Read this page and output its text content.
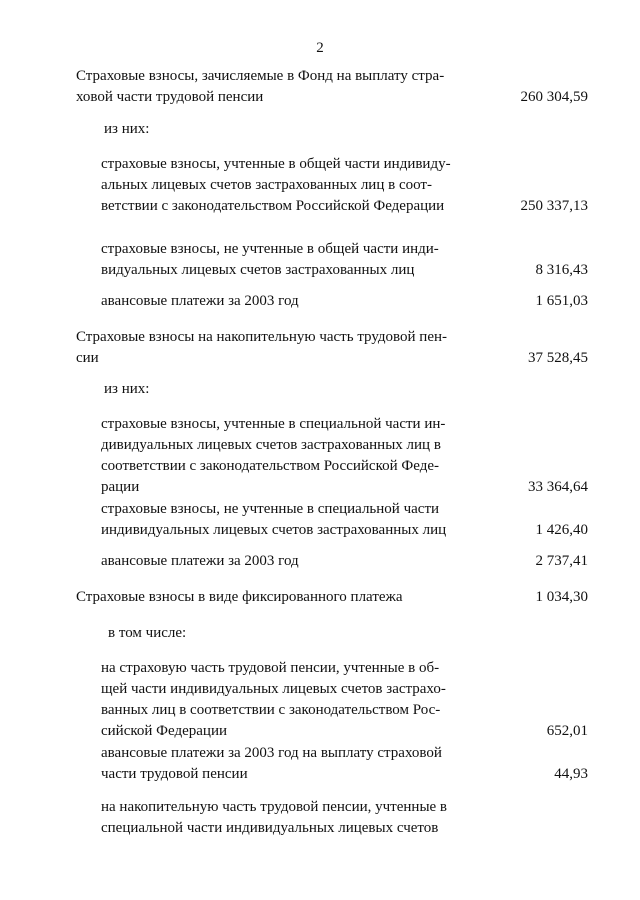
2
Страховые взносы, зачисляемые в Фонд на выплату стра-
ховой части трудовой пенсии	260 304,59
из них:
страховые взносы, учтенные в общей части индивиду-
альных лицевых счетов застрахованных лиц в соот-
ветствии с законодательством Российской Федерации	250 337,13
страховые взносы, не учтенные в общей части инди-
видуальных лицевых счетов застрахованных лиц	8 316,43
авансовые платежи за 2003 год	1 651,03
Страховые взносы на накопительную часть трудовой пен-
сии	37 528,45
из них:
страховые взносы, учтенные в специальной части ин-
дивидуальных лицевых счетов застрахованных лиц в
соответствии с законодательством Российской Феде-
рации	33 364,64
страховые взносы, не учтенные в специальной части
индивидуальных лицевых счетов застрахованных лиц	1 426,40
авансовые платежи за 2003 год	2 737,41
Страховые взносы в виде фиксированного платежа	1 034,30
в том числе:
на страховую часть трудовой пенсии, учтенные в об-
щей части индивидуальных лицевых счетов застрахо-
ванных лиц в соответствии с законодательством Рос-
сийской Федерации	652,01
авансовые платежи за 2003 год на выплату страховой
части трудовой пенсии	44,93
на накопительную часть трудовой пенсии, учтенные в
специальной части индивидуальных лицевых счетов
